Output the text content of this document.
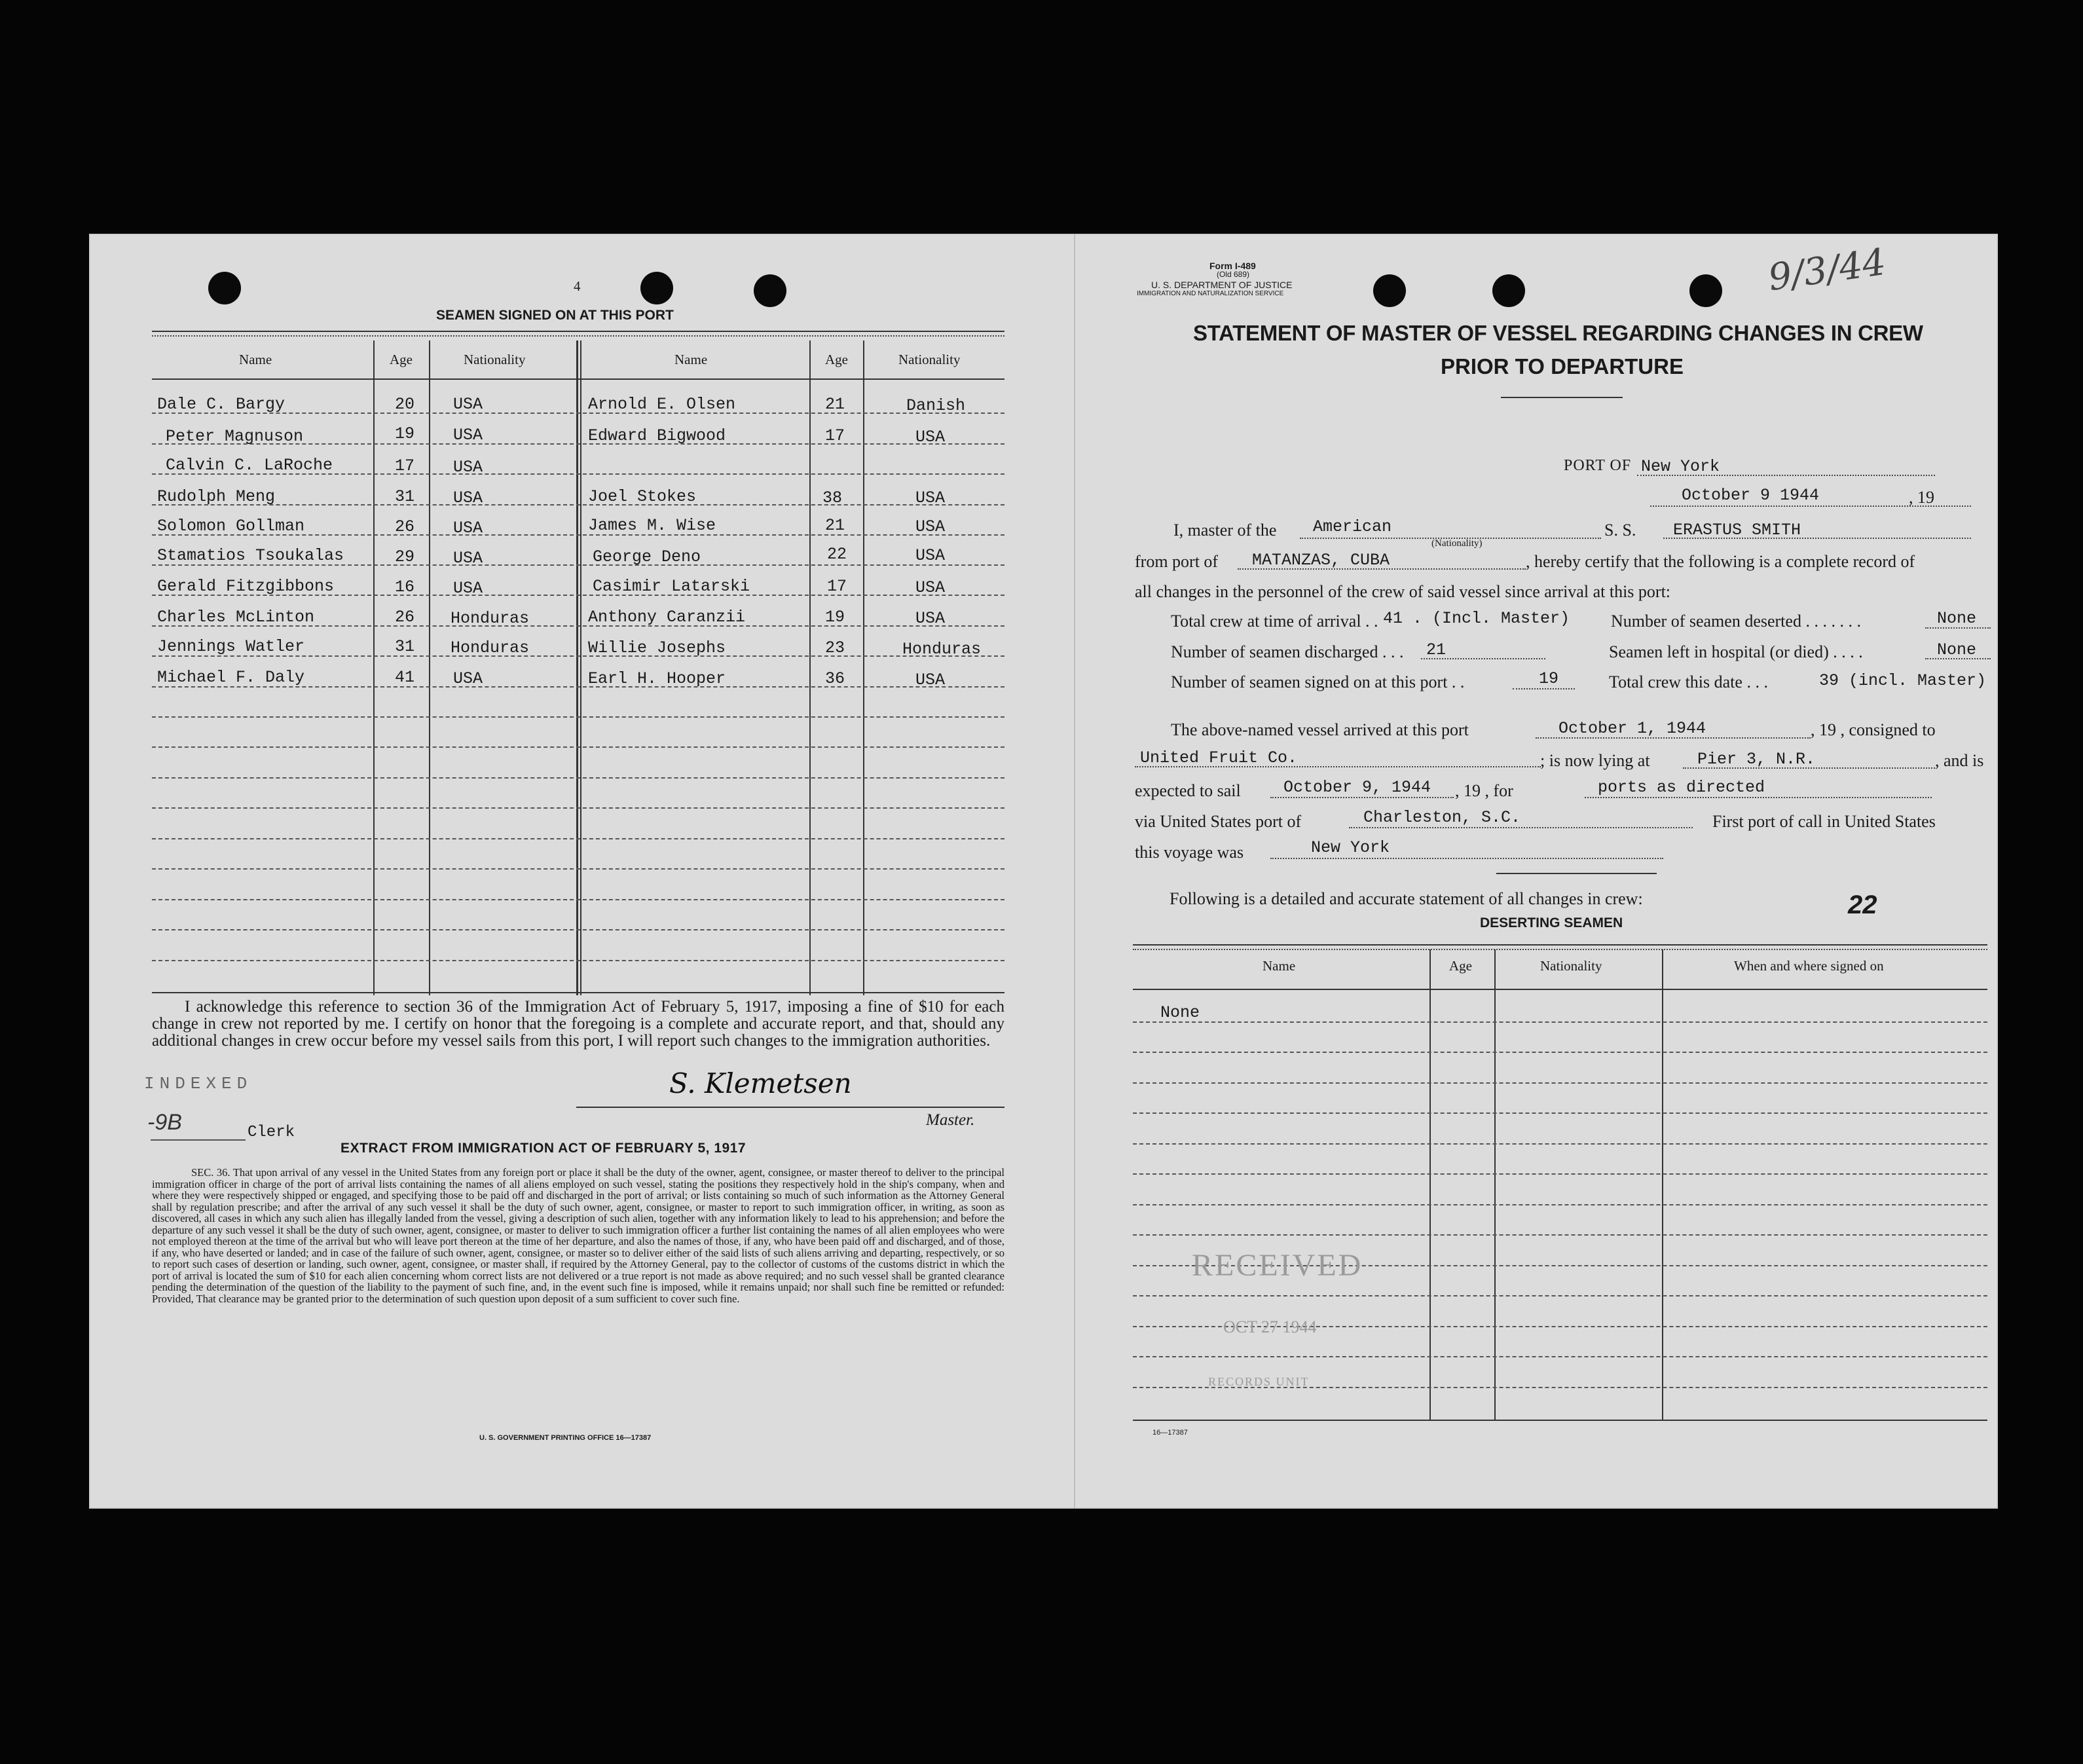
4
SEAMEN SIGNED ON AT THIS PORT
Name	Age	Nationality	Name	Age	Nationality
Dale C. Bargy	20 USA	Arnold E. Olsen	21	Danish
Peter Magnuson	19 USA	Edward Bigwood	17	USA
Calvin C. LaRoche	17 USA
Rudolph Meng	31 USA	Joel Stokes	38	USA
Solomon Gollman	26 USA	James M. Wise	21	USA
Stamatios Tsoukalas	29 USA	George Deno	22	USA
Gerald Fitzgibbons	16 USA	Casimir Latarski	17	USA
Charles McLinton	26 Honduras	Anthony Caranzii	19	USA
Jennings Watler	31 Honduras	Willie Josephs	23	Honduras
Michael F. Daly	41 USA	Earl H. Hooper	36	USA
I acknowledge this reference to section 36 of the Immigration Act of February 5, 1917, imposing a fine of $10 for each change in crew not reported by me. I certify on honor that the foregoing is a complete and accurate report, and that, should any additional changes in crew occur before my vessel sails from this port, I will report such changes to the immigration authorities.
INDEXED
-9B	Clerk
S. Klemetsen
Master.
EXTRACT FROM IMMIGRATION ACT OF FEBRUARY 5, 1917
SEC. 36. That upon arrival of any vessel in the United States from any foreign port or place it shall be the duty of the owner, agent, consignee, or master thereof to deliver to the principal immigration officer in charge of the port of arrival lists containing the names of all aliens employed on such vessel, stating the positions they respectively hold in the ship's company, when and where they were respectively shipped or engaged, and specifying those to be paid off and discharged in the port of arrival; or lists containing so much of such information as the Attorney General shall by regulation prescribe; and after the arrival of any such vessel it shall be the duty of such owner, agent, consignee, or master to report to such immigration officer, in writing, as soon as discovered, all cases in which any such alien has illegally landed from the vessel, giving a description of such alien, together with any information likely to lead to his apprehension; and before the departure of any such vessel it shall be the duty of such owner, agent, consignee, or master to deliver to such immigration officer a further list containing the names of all alien employees who were not employed thereon at the time of the arrival but who will leave port thereon at the time of her departure, and also the names of those, if any, who have been paid off and discharged, and of those, if any, who have deserted or landed; and in case of the failure of such owner, agent, consignee, or master so to deliver either of the said lists of such aliens arriving and departing, respectively, or so to report such cases of desertion or landing, such owner, agent, consignee, or master shall, if required by the Attorney General, pay to the collector of customs of the customs district in which the port of arrival is located the sum of $10 for each alien concerning whom correct lists are not delivered or a true report is not made as above required; and no such vessel shall be granted clearance pending the determination of the question of the liability to the payment of such fine, and, in the event such fine is imposed, while it remains unpaid; nor shall such fine be remitted or refunded: Provided, That clearance may be granted prior to the determination of such question upon deposit of a sum sufficient to cover such fine.
U. S. GOVERNMENT PRINTING OFFICE 16—17387
Form I-489
(Old 689)
U. S. DEPARTMENT OF JUSTICE
IMMIGRATION AND NATURALIZATION SERVICE	9/3/44
STATEMENT OF MASTER OF VESSEL REGARDING CHANGES IN CREW
PRIOR TO DEPARTURE
PORT OF New York
October 9 1944	, 19
I, master of the American
(Nationality)
S. S. ERASTUS SMITH
from port of MATANZAS, CUBA	, hereby certify that the following is a complete record of
all changes in the personnel of the crew of said vessel since arrival at this port:
Total crew at time of arrival . . 41 . (Incl. Master) Number of seamen deserted . . . . . . .	None
Number of seamen discharged . . . 21	Seamen left in hospital (or died) . . . .	None
Number of seamen signed on at this port . .	19	Total crew this date . . .	39 (incl. Master)
The above-named vessel arrived at this port	October 1, 1944	, 19 , consigned to
United Fruit Co.	; is now lying at	Pier 3, N.R.	, and is
expected to sail	October 9, 1944 , 19 , for	ports as directed
via United States port of	Charleston, S.C.	First port of call in United States
this voyage was	New York
Following is a detailed and accurate statement of all changes in crew:	22
DESERTING SEAMEN
Name	Age	Nationality	When and where signed on
None
RECEIVED
OCT 27 1944
RECORDS UNIT
16—17387
